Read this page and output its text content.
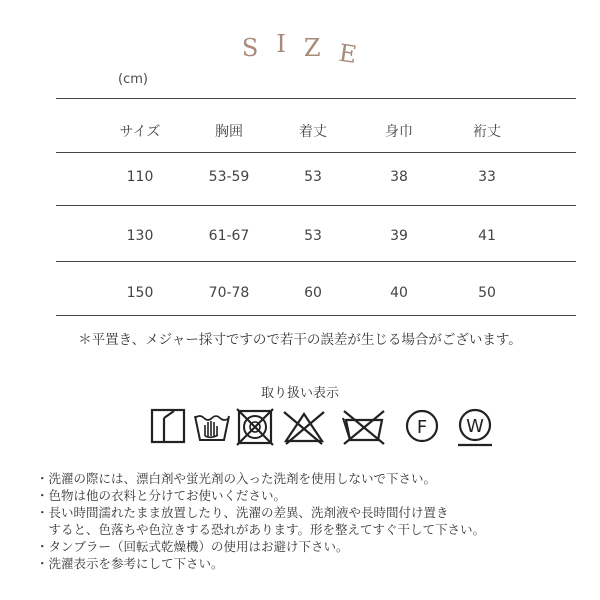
S I Z E
(cm)
サイズ	胸囲	着丈	身巾	裄丈
110	53-59	53	38	33
130	61-67	53	39	41
150	70-78	60	40	50
＊平置き、メジャー採寸ですので若干の誤差が生じる場合がございます。
取り扱い表示
F W
・洗濯の際には、漂白剤や蛍光剤の入った洗剤を使用しないで下さい。
・色物は他の衣料と分けてお使いください。
・長い時間濡れたまま放置したり、洗濯の差異、洗剤液や長時間付け置き
　すると、色落ちや色泣きする恐れがあります。形を整えてすぐ干して下さい。
・タンブラー（回転式乾燥機）の使用はお避け下さい。
・洗濯表示を参考にして下さい。
